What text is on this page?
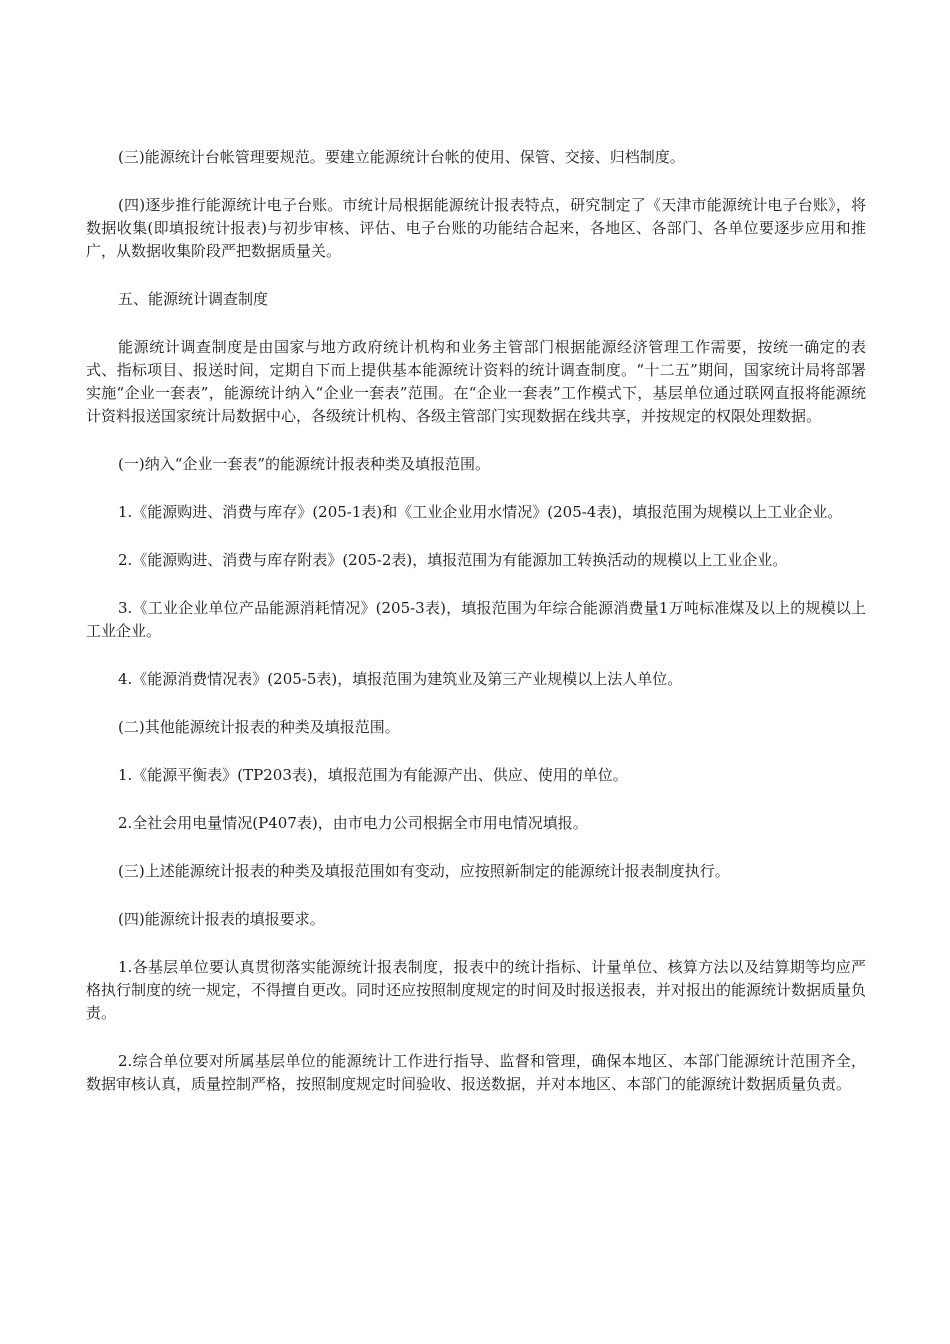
(三)能源统计台帐管理要规范。要建立能源统计台帐的使用、保管、交接、归档制度。

(四)逐步推行能源统计电子台账。市统计局根据能源统计报表特点，研究制定了《天津市能源统计电子台账》，将数据收集(即填报统计报表)与初步审核、评估、电子台账的功能结合起来，各地区、各部门、各单位要逐步应用和推广，从数据收集阶段严把数据质量关。

五、能源统计调查制度

能源统计调查制度是由国家与地方政府统计机构和业务主管部门根据能源经济管理工作需要，按统一确定的表式、指标项目、报送时间，定期自下而上提供基本能源统计资料的统计调查制度。“十二五”期间，国家统计局将部署实施“企业一套表”，能源统计纳入“企业一套表”范围。在“企业一套表”工作模式下，基层单位通过联网直报将能源统计资料报送国家统计局数据中心，各级统计机构、各级主管部门实现数据在线共享，并按规定的权限处理数据。

(一)纳入“企业一套表”的能源统计报表种类及填报范围。

1.《能源购进、消费与库存》(205-1表)和《工业企业用水情况》(205-4表)，填报范围为规模以上工业企业。

2.《能源购进、消费与库存附表》(205-2表)，填报范围为有能源加工转换活动的规模以上工业企业。

3.《工业企业单位产品能源消耗情况》(205-3表)，填报范围为年综合能源消费量1万吨标准煤及以上的规模以上工业企业。

4.《能源消费情况表》(205-5表)，填报范围为建筑业及第三产业规模以上法人单位。

(二)其他能源统计报表的种类及填报范围。

1.《能源平衡表》(TP203表)，填报范围为有能源产出、供应、使用的单位。

2.全社会用电量情况(P407表)，由市电力公司根据全市用电情况填报。

(三)上述能源统计报表的种类及填报范围如有变动，应按照新制定的能源统计报表制度执行。

(四)能源统计报表的填报要求。

1.各基层单位要认真贯彻落实能源统计报表制度，报表中的统计指标、计量单位、核算方法以及结算期等均应严格执行制度的统一规定，不得擅自更改。同时还应按照制度规定的时间及时报送报表，并对报出的能源统计数据质量负责。

2.综合单位要对所属基层单位的能源统计工作进行指导、监督和管理，确保本地区、本部门能源统计范围齐全，数据审核认真，质量控制严格，按照制度规定时间验收、报送数据，并对本地区、本部门的能源统计数据质量负责。
